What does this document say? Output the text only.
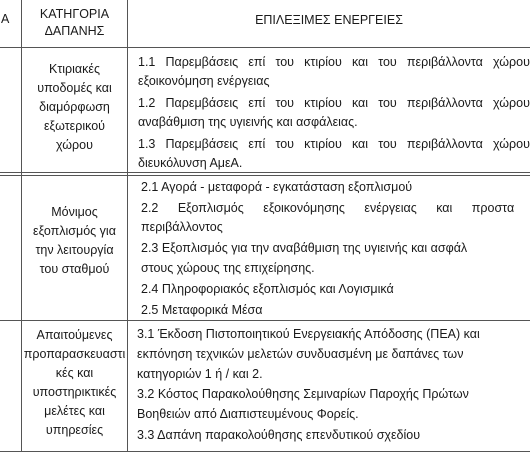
Α	ΚΑΤΗΓΟΡΙΑ ΔΑΠΑΝΗΣ
ΕΠΙΛΕΞΙΜΕΣ ΕΝΕΡΓΕΙΕΣ
Κτιριακές
υποδομές και
διαμόρφωση
εξωτερικού
χώρου
1.1 Παρεμβάσεις επί του κτιρίου και του περιβάλλοντα χώρου
εξοικονόμηση ενέργειας
1.2 Παρεμβάσεις επί του κτιρίου και του περιβάλλοντα χώρου
αναβάθμιση της υγιεινής και ασφάλειας.
1.3 Παρεμβάσεις επί του κτιρίου και του περιβάλλοντα χώρου
διευκόλυνση ΑμεΑ.
Μόνιμος
εξοπλισμός για
την λειτουργία
του σταθμού
2.1 Αγορά - μεταφορά - εγκατάσταση εξοπλισμού
2.2 Εξοπλισμός εξοικονόμησης ενέργειας και προστα
περιβάλλοντος
2.3 Εξοπλισμός για την αναβάθμιση της υγιεινής και ασφάλ
στους χώρους της επιχείρησης.
2.4 Πληροφοριακός εξοπλισμός και Λογισμικά
2.5 Μεταφορικά Μέσα
Απαιτούμενες
προπαρασκευαστι
κές και
υποστηρικτικές
μελέτες και
υπηρεσίες
3.1 Έκδοση Πιστοποιητικού Ενεργειακής Απόδοσης (ΠΕΑ) και
εκπόνηση τεχνικών μελετών συνδυασμένη με δαπάνες των
κατηγοριών 1 ή / και 2.
3.2 Κόστος Παρακολούθησης Σεμιναρίων Παροχής Πρώτων
Βοηθειών από Διαπιστευμένους Φορείς.
3.3 Δαπάνη παρακολούθησης επενδυτικού σχεδίου
